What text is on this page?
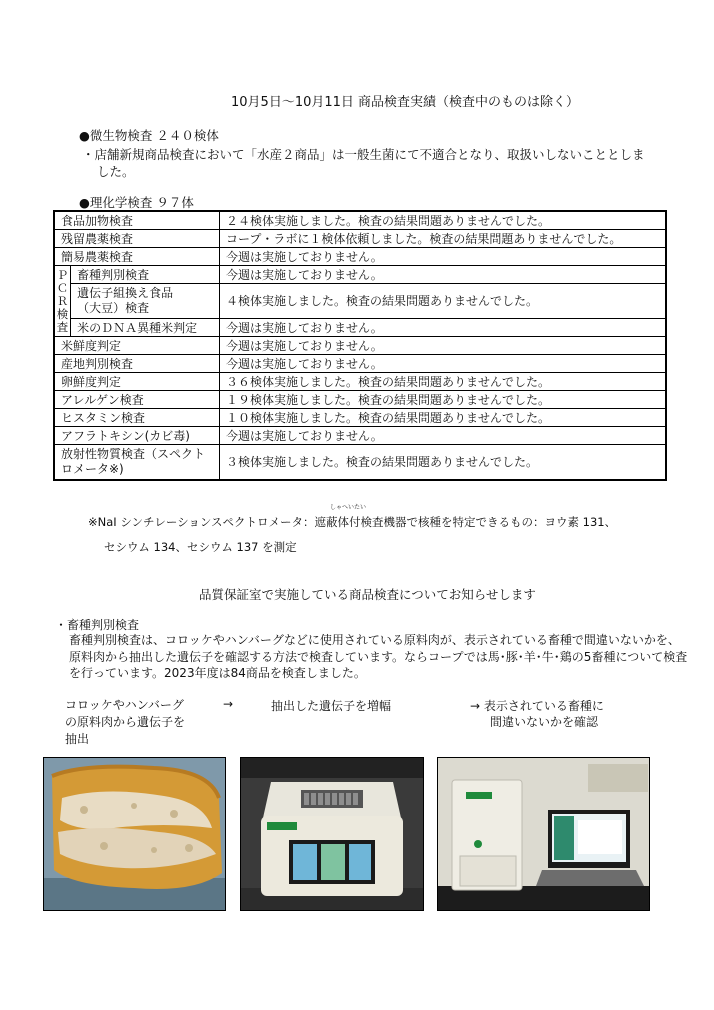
10月5日～10月11日 商品検査実績（検査中のものは除く）
●微生物検査 ２４０検体
・店舗新規商品検査において「水産２商品」は一般生菌にて不適合となり、取扱いしないこととしま
した。
●理化学検査 ９７体
食品加物検査		２４検体実施しました。検査の結果問題ありませんでした。
残留農薬検査		コープ・ラボに１検体依頼しました。検査の結果問題ありませんでした。
簡易農薬検査		今週は実施しておりません。

Ｐ
Ｃ
Ｒ
検
査	畜種判別検査	今週は実施しておりません。

	遺伝子組換え食品
（大豆）検査	４検体実施しました。検査の結果問題ありませんでした。
	米のＤＮＡ異種米判定	今週は実施しておりません。
米鮮度判定		今週は実施しておりません。
産地判別検査		今週は実施しておりません。
卵鮮度判定		３６検体実施しました。検査の結果問題ありませんでした。
アレルゲン検査		１９検体実施しました。検査の結果問題ありませんでした。
ヒスタミン検査		１０検体実施しました。検査の結果問題ありませんでした。
アフラトキシン(カビ毒)		今週は実施しておりません。

放射性物質検査（スペクト
ロメータ※)		３検体実施しました。検査の結果問題ありませんでした。
しゃへいたい
※NaI シンチレーションスペクトロメータ：遮蔽体付検査機器で核種を特定できるもの：ヨウ素 131、
セシウム 134、セシウム 137 を測定
品質保証室で実施している商品検査についてお知らせします
・畜種判別検査
畜種判別検査は、コロッケやハンバーグなどに使用されている原料肉が、表示されている畜種で間違いないかを、原料肉から抽出した遺伝子を確認する方法で検査しています。ならコープでは馬･豚･羊･牛･鶏の5畜種について検査を行っています。2023年度は84商品を検査しました。
コロッケやハンバーグ
の原料肉から遺伝子を
抽出
→	抽出した遺伝子を増幅	→ 表示されている畜種に
間違いないかを確認
